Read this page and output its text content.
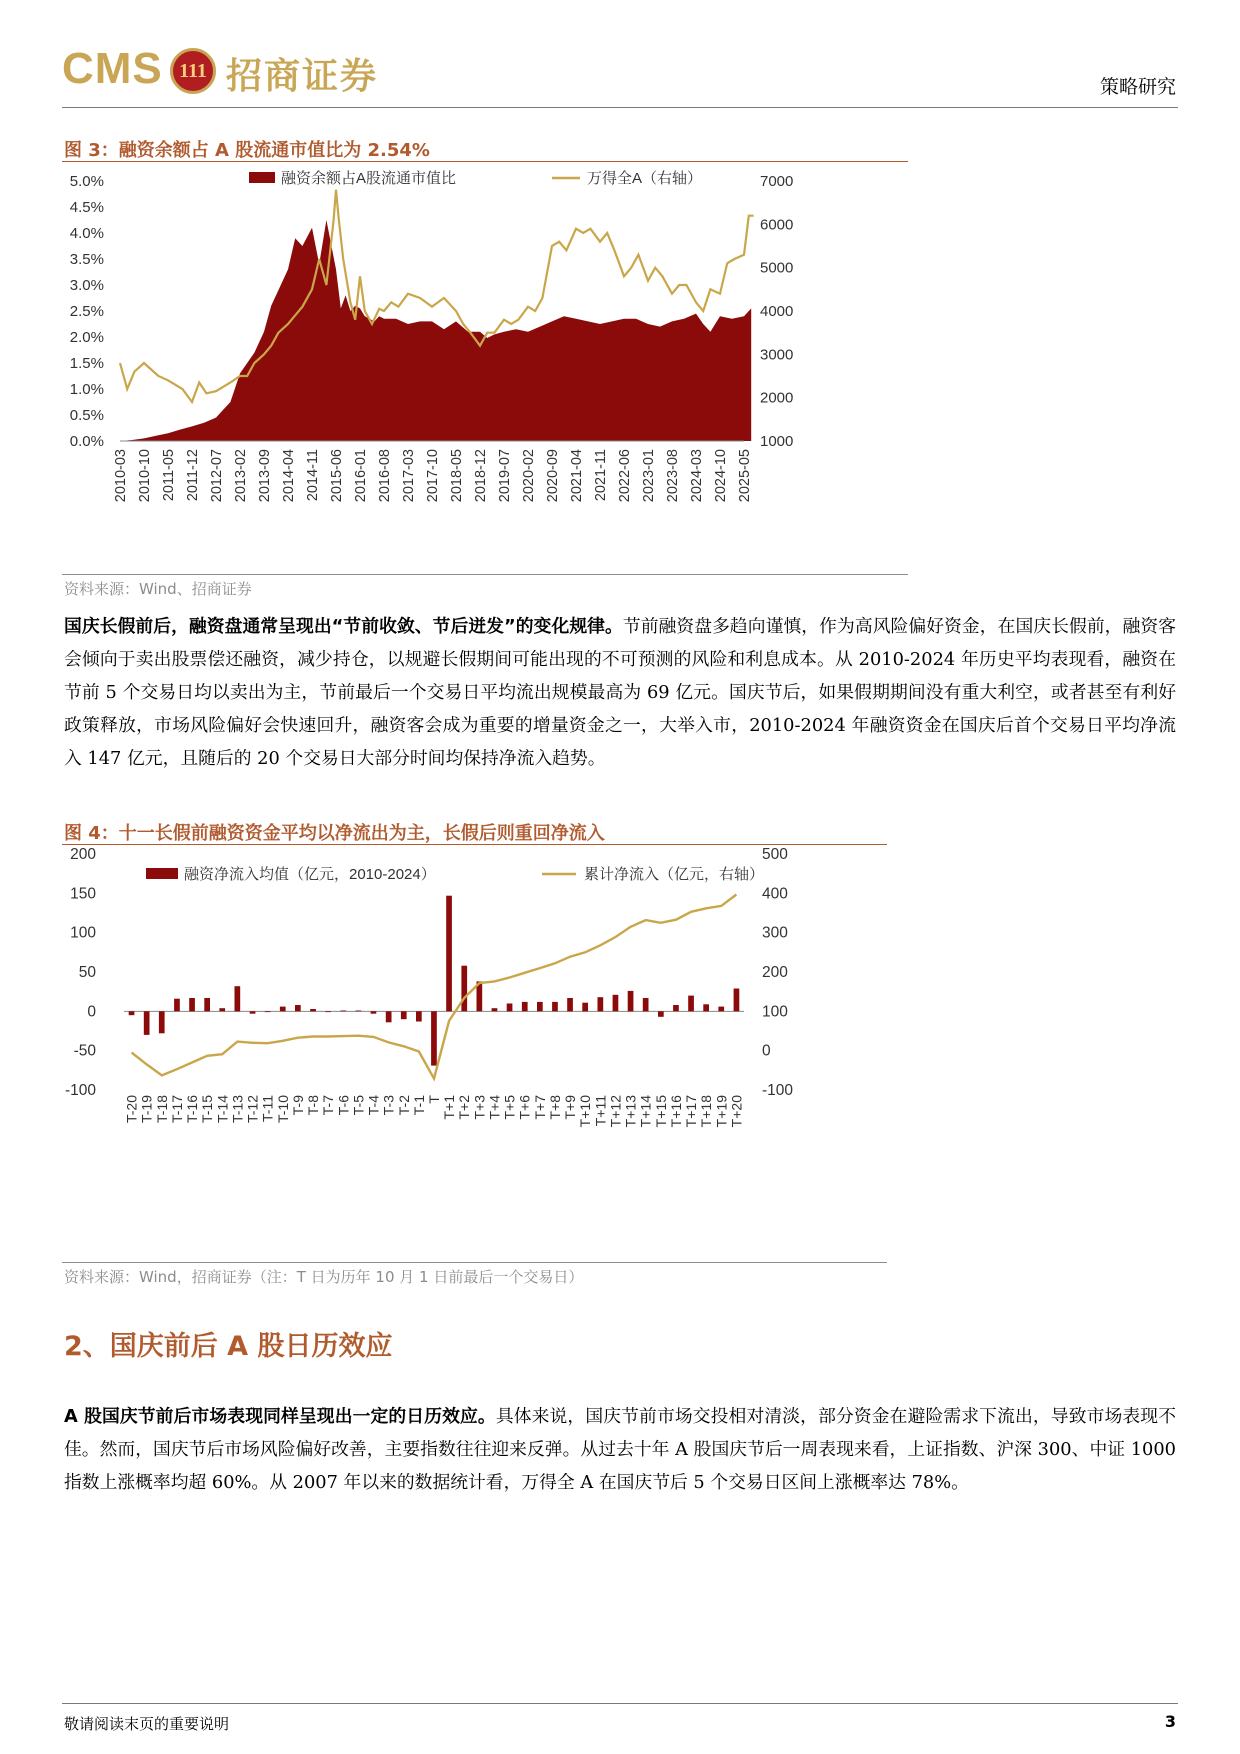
CMS 111 招商证券	策略研究
图 3：融资余额占 A 股流通市值比为 2.54%
融资余额占A股流通市值比	万得全A（右轴）
0.0%
0.5%
1.0%
1.5%
2.0%
2.5%
3.0%
3.5%
4.0%
4.5%
5.0%
1000
2000
3000
4000
5000
6000
7000
2010-03 2010-10 2011-05 2011-12 2012-07 2013-02 2013-09 2014-04 2014-11 2015-06 2016-01 2016-08 2017-03 2017-10 2018-05 2018-12 2019-07 2020-02 2020-09 2021-04 2021-11 2022-06 2023-01 2023-08 2024-03 2024-10 2025-05
资料来源：Wind、招商证券
国庆长假前后，融资盘通常呈现出“节前收敛、节后迸发”的变化规律。节前融资盘多趋向谨慎，作为高风险偏好资金，在国庆长假前，融资客会倾向于卖出股票偿还融资，减少持仓，以规避长假期间可能出现的不可预测的风险和利息成本。从 2010-2024 年历史平均表现看，融资在节前 5 个交易日均以卖出为主，节前最后一个交易日平均流出规模最高为 69 亿元。国庆节后，如果假期期间没有重大利空，或者甚至有利好政策释放，市场风险偏好会快速回升，融资客会成为重要的增量资金之一，大举入市，2010-2024 年融资资金在国庆后首个交易日平均净流入 147 亿元，且随后的 20 个交易日大部分时间均保持净流入趋势。
图 4：十一长假前融资资金平均以净流出为主，长假后则重回净流入
融资净流入均值（亿元，2010-2024）	累计净流入（亿元，右轴）
-100
-50
0
50
100
150
200
-100
0
100
200
300
400
500
T-20 T-19 T-18 T-17 T-16 T-15 T-14 T-13 T-12 T-11 T-10 T-9 T-8 T-7 T-6 T-5 T-4 T-3 T-2 T-1 T T+1 T+2 T+3 T+4 T+5 T+6 T+7 T+8 T+9 T+10 T+11 T+12 T+13 T+14 T+15 T+16 T+17 T+18 T+19 T+20
资料来源：Wind，招商证券（注：T 日为历年 10 月 1 日前最后一个交易日）
2、国庆前后 A 股日历效应
A 股国庆节前后市场表现同样呈现出一定的日历效应。具体来说，国庆节前市场交投相对清淡，部分资金在避险需求下流出，导致市场表现不佳。然而，国庆节后市场风险偏好改善，主要指数往往迎来反弹。从过去十年 A 股国庆节后一周表现来看，上证指数、沪深 300、中证 1000 指数上涨概率均超 60%。从 2007 年以来的数据统计看，万得全 A 在国庆节后 5 个交易日区间上涨概率达 78%。
敬请阅读末页的重要说明	3
